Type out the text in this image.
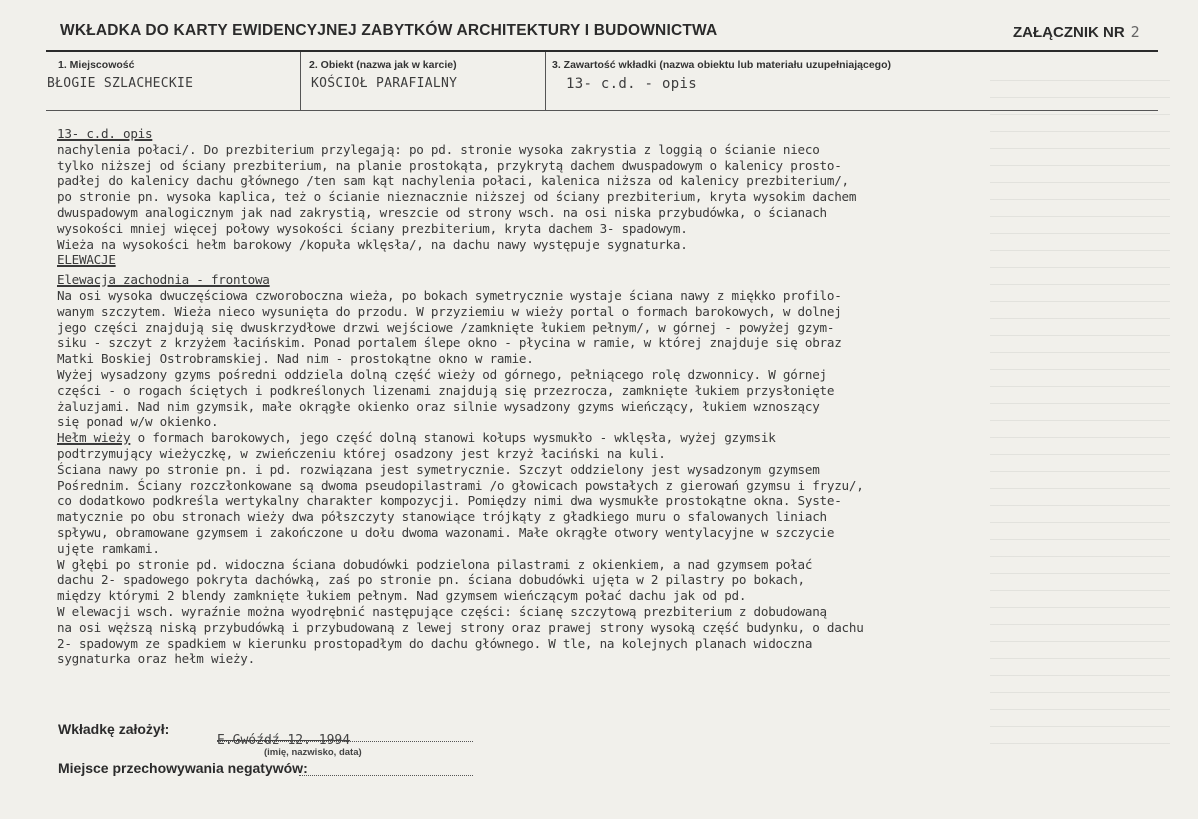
WKŁADKA DO KARTY EWIDENCYJNEJ ZABYTKÓW ARCHITEKTURY I BUDOWNICTWA	ZAŁĄCZNIK NR 2
1. Miejscowość	2. Obiekt (nazwa jak w karcie)	3. Zawartość wkładki (nazwa obiektu lub materiału uzupełniającego)
BŁOGIE SZLACHECKIE	KOŚCIOŁ PARAFIALNY	13- c.d. - opis

13- c.d. opis

nachylenia połaci/. Do prezbiterium przylegają: po pd. stronie wysoka zakrystia z loggią o ścianie nieco

tylko niższej od ściany prezbiterium, na planie prostokąta, przykrytą dachem dwuspadowym o kalenicy prosto-

padłej do kalenicy dachu głównego /ten sam kąt nachylenia połaci, kalenica niższa od kalenicy prezbiterium/,

po stronie pn. wysoka kaplica, też o ścianie nieznacznie niższej od ściany prezbiterium, kryta wysokim dachem

dwuspadowym analogicznym jak nad zakrystią, wreszcie od strony wsch. na osi niska przybudówka, o ścianach

wysokości mniej więcej połowy wysokości ściany prezbiterium, kryta dachem 3- spadowym.

Wieża na wysokości hełm barokowy /kopuła wklęsła/, na dachu nawy występuje sygnaturka.

ELEWACJE

Elewacja zachodnia - frontowa

Na osi wysoka dwuczęściowa czworoboczna wieża, po bokach symetrycznie wystaje ściana nawy z miękko profilo-

wanym szczytem. Wieża nieco wysunięta do przodu. W przyziemiu w wieży portal o formach barokowych, w dolnej

jego części znajdują się dwuskrzydłowe drzwi wejściowe /zamknięte łukiem pełnym/, w górnej - powyżej gzym-

siku - szczyt z krzyżem łacińskim. Ponad portalem ślepe okno - płycina w ramie, w której znajduje się obraz

Matki Boskiej Ostrobramskiej. Nad nim - prostokątne okno w ramie.

Wyżej wysadzony gzyms pośredni oddziela dolną część wieży od górnego, pełniącego rolę dzwonnicy. W górnej

części - o rogach ściętych i podkreślonych lizenami znajdują się przezrocza, zamknięte łukiem przysłonięte

żaluzjami. Nad nim gzymsik, małe okrągłe okienko oraz silnie wysadzony gzyms wieńczący, łukiem wznoszący

się ponad w/w okienko.

Hełm wieży o formach barokowych, jego część dolną stanowi kołups wysmukło - wklęsła, wyżej gzymsik

podtrzymujący wieżyczkę, w zwieńczeniu której osadzony jest krzyż łaciński na kuli.

Ściana nawy po stronie pn. i pd. rozwiązana jest symetrycznie. Szczyt oddzielony jest wysadzonym gzymsem

Pośrednim. Ściany rozczłonkowane są dwoma pseudopilastrami /o głowicach powstałych z gierowań gzymsu i fryzu/,

co dodatkowo podkreśla wertykalny charakter kompozycji. Pomiędzy nimi dwa wysmukłe prostokątne okna. Syste-

matycznie po obu stronach wieży dwa półszczyty stanowiące trójkąty z gładkiego muru o sfalowanych liniach

spływu, obramowane gzymsem i zakończone u dołu dwoma wazonami. Małe okrągłe otwory wentylacyjne w szczycie

ujęte ramkami.

W głębi po stronie pd. widoczna ściana dobudówki podzielona pilastrami z okienkiem, a nad gzymsem połać

dachu 2- spadowego pokryta dachówką, zaś po stronie pn. ściana dobudówki ujęta w 2 pilastry po bokach,

między którymi 2 blendy zamknięte łukiem pełnym. Nad gzymsem wieńczącym połać dachu jak od pd.

W elewacji wsch. wyraźnie można wyodrębnić następujące części: ścianę szczytową prezbiterium z dobudowaną

na osi węższą niską przybudówką i przybudowaną z lewej strony oraz prawej strony wysoką część budynku, o dachu

2- spadowym ze spadkiem w kierunku prostopadłym do dachu głównego. W tle, na kolejnych planach widoczna

sygnaturka oraz hełm wieży.

Wkładkę założył:
E.Gwóźdź 12. 1994
(imię, nazwisko, data)
Miejsce przechowywania negatywów:
